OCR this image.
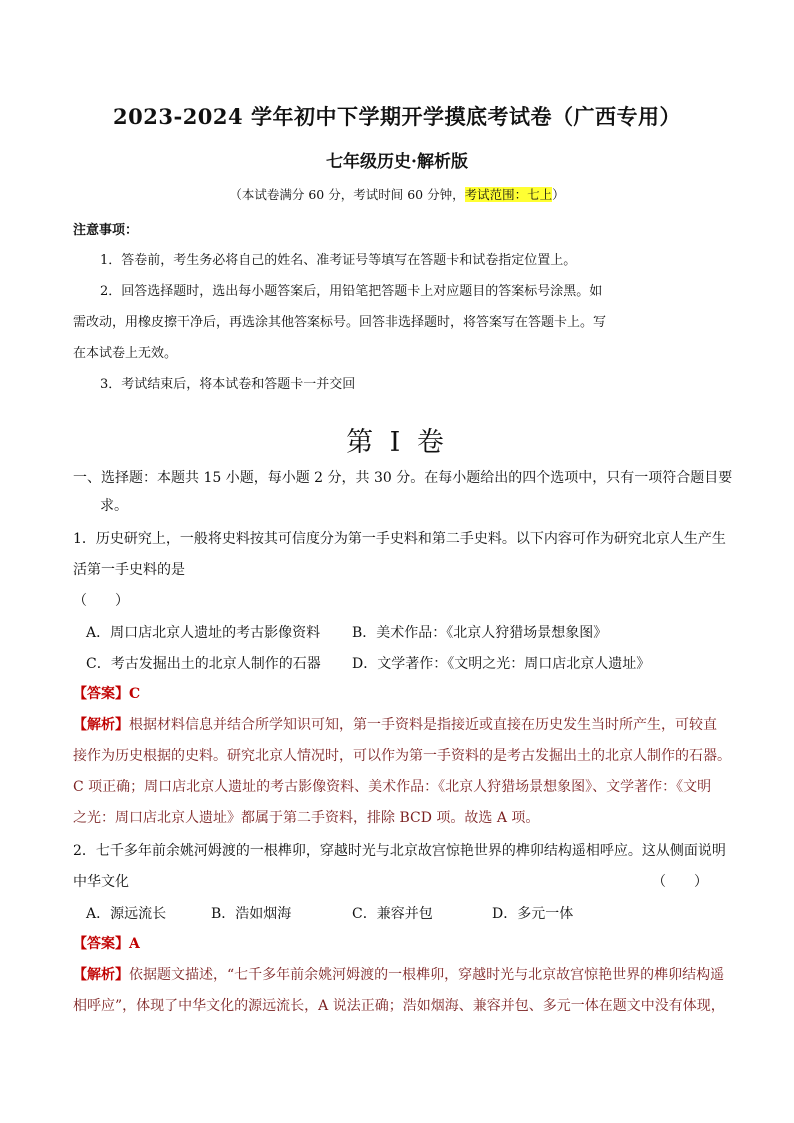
2023-2024 学年初中下学期开学摸底考试卷（广西专用）
七年级历史·解析版
（本试卷满分 60 分，考试时间 60 分钟，考试范围：七上）
注意事项：
1．答卷前，考生务必将自己的姓名、准考证号等填写在答题卡和试卷指定位置上。
2．回答选择题时，选出每小题答案后，用铅笔把答题卡上对应题目的答案标号涂黑。如
需改动，用橡皮擦干净后，再选涂其他答案标号。回答非选择题时，将答案写在答题卡上。写
在本试卷上无效。
3．考试结束后，将本试卷和答题卡一并交回
第 I 卷
一、选择题：本题共 15 小题，每小题 2 分，共 30 分。在每小题给出的四个选项中，只有一项符合题目要
求。
1．历史研究上，一般将史料按其可信度分为第一手史料和第二手史料。以下内容可作为研究北京人生产生
活第一手史料的是
（　　）
A．周口店北京人遗址的考古影像资料 B．美术作品：《北京人狩猎场景想象图》
C．考古发掘出土的北京人制作的石器 D．文学著作：《文明之光：周口店北京人遗址》
【答案】C
【解析】根据材料信息并结合所学知识可知，第一手资料是指接近或直接在历史发生当时所产生，可较直
接作为历史根据的史料。研究北京人情况时，可以作为第一手资料的是考古发掘出土的北京人制作的石器。
C 项正确；周口店北京人遗址的考古影像资料、美术作品：《北京人狩猎场景想象图》、文学著作：《文明
之光：周口店北京人遗址》都属于第二手资料，排除 BCD 项。故选 A 项。
2．七千多年前余姚河姆渡的一根榫卯，穿越时光与北京故宫惊艳世界的榫卯结构遥相呼应。这从侧面说明
中华文化	（　　）
A．源远流长	B．浩如烟海	C．兼容并包	D．多元一体
【答案】A
【解析】依据题文描述，“七千多年前余姚河姆渡的一根榫卯，穿越时光与北京故宫惊艳世界的榫卯结构遥
相呼应”，体现了中华文化的源远流长，A 说法正确；浩如烟海、兼容并包、多元一体在题文中没有体现，
